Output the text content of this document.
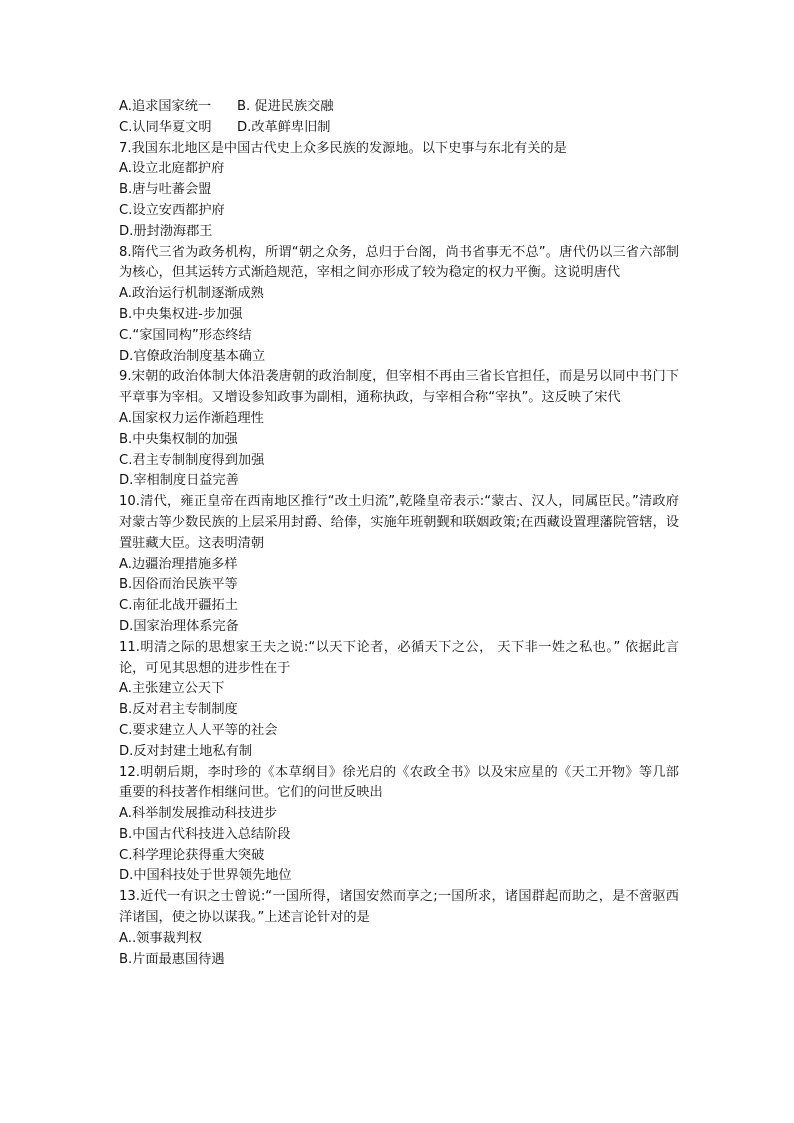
A.追求国家统一	B. 促进民族交融
C.认同华夏文明	D.改革鲜卑旧制
7.我国东北地区是中国古代史上众多民族的发源地。以下史事与东北有关的是
A.设立北庭都护府
B.唐与吐蕃会盟
C.设立安西都护府
D.册封渤海郡王
8.隋代三省为政务机构，所谓“朝之众务，总归于台阁，尚书省事无不总”。唐代仍以三省六部制为核心，但其运转方式渐趋规范，宰相之间亦形成了较为稳定的权力平衡。这说明唐代
A.政治运行机制逐渐成熟
B.中央集权进-步加强
C.“家国同构”形态终结
D.官僚政治制度基本确立
9.宋朝的政治体制大体沿袭唐朝的政治制度，但宰相不再由三省长官担任，而是另以同中书门下平章事为宰相。又增设参知政事为副相，通称执政，与宰相合称“宰执”。这反映了宋代
A.国家权力运作渐趋理性
B.中央集权制的加强
C.君主专制制度得到加强
D.宰相制度日益完善
10.清代，雍正皇帝在西南地区推行“改土归流”,乾隆皇帝表示:“蒙古、汉人，同属臣民。”清政府对蒙古等少数民族的上层采用封爵、给俸，实施年班朝觐和联姻政策;在西藏设置理藩院管辖，设置驻藏大臣。这表明清朝
A.边疆治理措施多样
B.因俗而治民族平等
C.南征北战开疆拓土
D.国家治理体系完备
11.明清之际的思想家王夫之说:“以天下论者，必循天下之公， 天下非一姓之私也。” 依据此言论，可见其思想的进步性在于
A.主张建立公天下
B.反对君主专制制度
C.要求建立人人平等的社会
D.反对封建土地私有制
12.明朝后期，李时珍的《本草纲目》徐光启的《农政全书》以及宋应星的《天工开物》等几部重要的科技著作相继问世。它们的问世反映出
A.科举制发展推动科技进步
B.中国古代科技进入总结阶段
C.科学理论获得重大突破
D.中国科技处于世界领先地位
13.近代一有识之士曾说:“一国所得，诸国安然而享之;一国所求，诸国群起而助之，是不啻驱西洋诸国，使之协以谋我。”上述言论针对的是
A..领事裁判权
B.片面最惠国待遇
